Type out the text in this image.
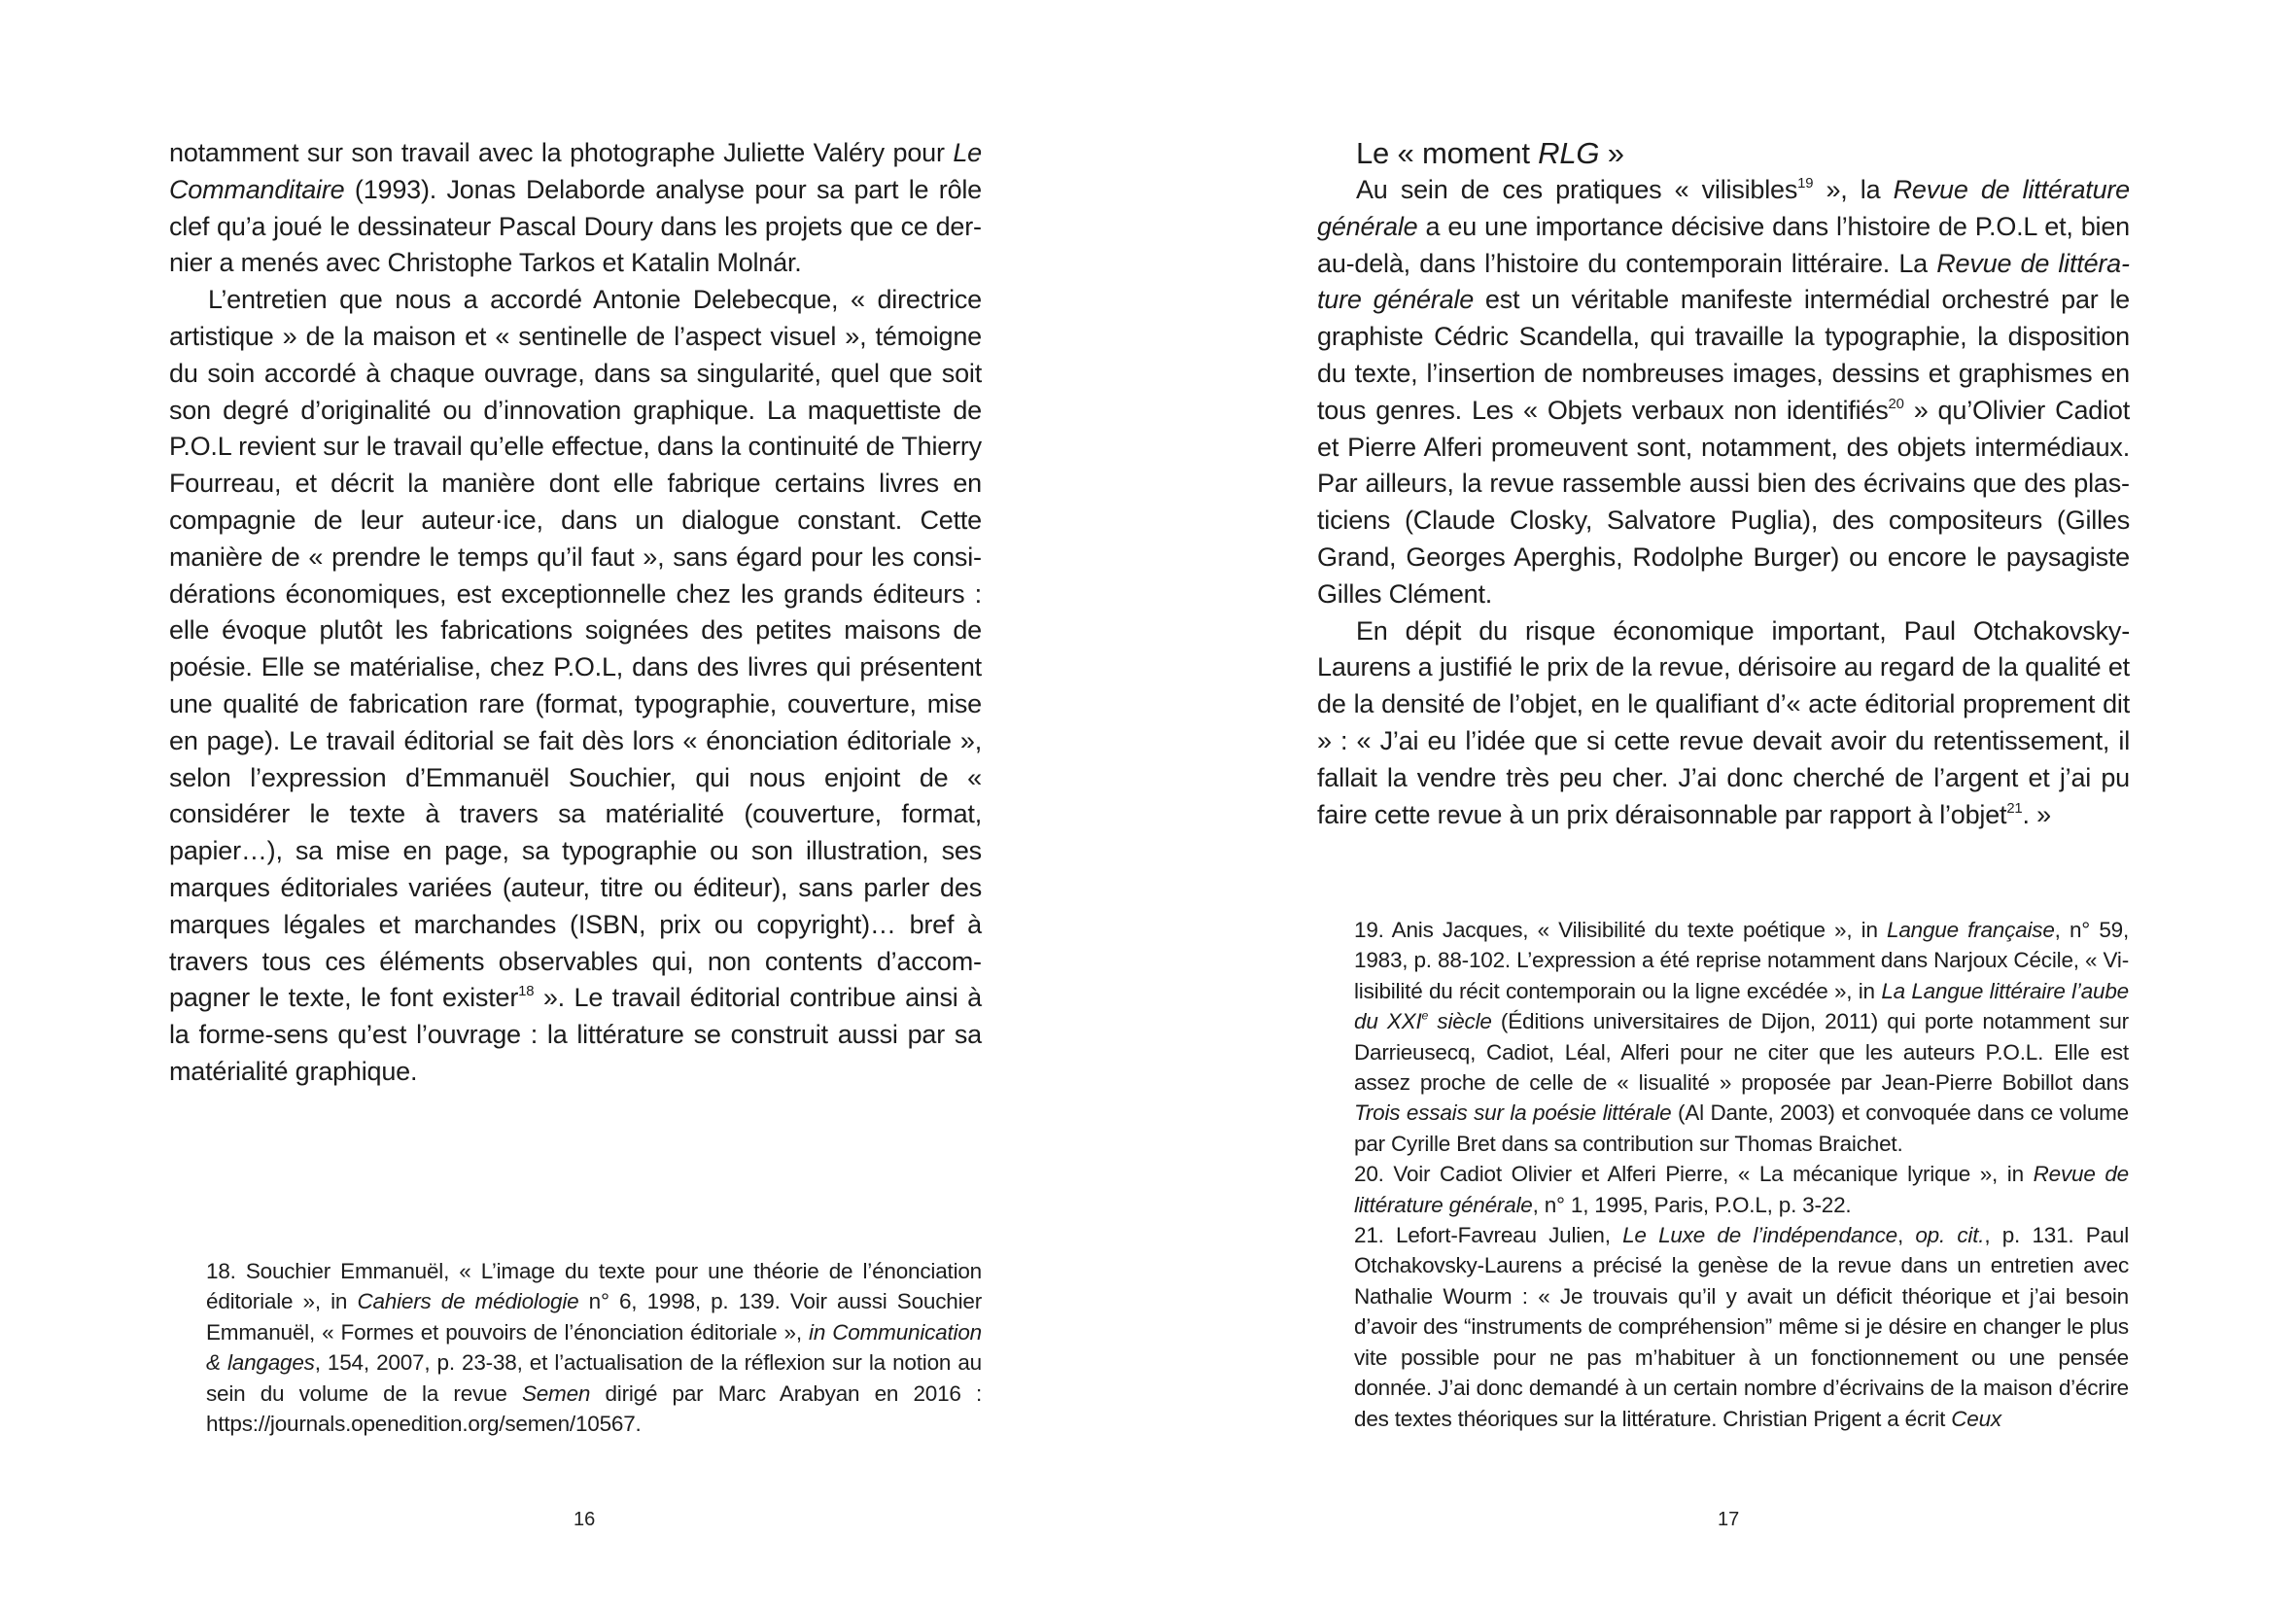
notamment sur son travail avec la photographe Juliette Valéry pour Le Commanditaire (1993). Jonas Delaborde analyse pour sa part le rôle clef qu’a joué le dessinateur Pascal Doury dans les projets que ce dernier a menés avec Christophe Tarkos et Katalin Molnár.

L’entretien que nous a accordé Antonie Delebecque, « directrice artistique » de la maison et « sentinelle de l’aspect visuel », témoigne du soin accordé à chaque ouvrage, dans sa singularité, quel que soit son degré d’originalité ou d’innovation graphique. La maquettiste de P.O.L revient sur le travail qu’elle effectue, dans la continuité de Thierry Fourreau, et décrit la manière dont elle fabrique certains livres en compagnie de leur auteur·ice, dans un dialogue constant. Cette manière de « prendre le temps qu’il faut », sans égard pour les considérations économiques, est exceptionnelle chez les grands éditeurs : elle évoque plutôt les fabrications soignées des petites maisons de poésie. Elle se matérialise, chez P.O.L, dans des livres qui présentent une qualité de fabrication rare (format, typographie, couverture, mise en page). Le travail éditorial se fait dès lors « énonciation éditoriale », selon l’expression d’Emmanuël Souchier, qui nous enjoint de « considérer le texte à travers sa matérialité (couverture, format, papier…), sa mise en page, sa typographie ou son illustration, ses marques éditoriales variées (auteur, titre ou éditeur), sans parler des marques légales et marchandes (ISBN, prix ou copyright)… bref à travers tous ces éléments observables qui, non contents d’accompagner le texte, le font exister$^{18}$ ». Le travail éditorial contribue ainsi à la forme-sens qu’est l’ouvrage : la littérature se construit aussi par sa matérialité graphique.

18. Souchier Emmanuël, « L’image du texte pour une théorie de l’énonciation éditoriale », in Cahiers de médiologie n° 6, 1998, p. 139. Voir aussi Souchier Emmanuël, « Formes et pouvoirs de l’énonciation éditoriale », in Communication & langages, 154, 2007, p. 23-38, et l’actualisation de la réflexion sur la notion au sein du volume de la revue Semen dirigé par Marc Arabyan en 2016 : https://journals.openedition.org/semen/10567.

16
Le « moment RLG »

Au sein de ces pratiques « vilisibles$^{19}$ », la Revue de littérature générale a eu une importance décisive dans l’histoire de P.O.L et, bien au-delà, dans l’histoire du contemporain littéraire. La Revue de littérature générale est un véritable manifeste intermédial orchestré par le graphiste Cédric Scandella, qui travaille la typographie, la disposition du texte, l’insertion de nombreuses images, dessins et graphismes en tous genres. Les « Objets verbaux non identifiés$^{20}$ » qu’Olivier Cadiot et Pierre Alferi promeuvent sont, notamment, des objets intermédiaux. Par ailleurs, la revue rassemble aussi bien des écrivains que des plasticiens (Claude Closky, Salvatore Puglia), des compositeurs (Gilles Grand, Georges Aperghis, Rodolphe Burger) ou encore le paysagiste Gilles Clément.

En dépit du risque économique important, Paul Otchakovsky-Laurens a justifié le prix de la revue, dérisoire au regard de la qualité et de la densité de l’objet, en le qualifiant d’« acte éditorial proprement dit » : « J’ai eu l’idée que si cette revue devait avoir du retentissement, il fallait la vendre très peu cher. J’ai donc cherché de l’argent et j’ai pu faire cette revue à un prix déraisonnable par rapport à l’objet$^{21}$. »

19. Anis Jacques, « Vilisibilité du texte poétique », in Langue française, n° 59, 1983, p. 88-102. L’expression a été reprise notamment dans Narjoux Cécile, « Vi-lisibilité du récit contemporain ou la ligne excédée », in La Langue littéraire l’aube du XXIe siècle (Éditions universitaires de Dijon, 2011) qui porte notamment sur Darrieusecq, Cadiot, Léal, Alferi pour ne citer que les auteurs P.O.L. Elle est assez proche de celle de « lisualité » proposée par Jean-Pierre Bobillot dans Trois essais sur la poésie littérale (Al Dante, 2003) et convoquée dans ce volume par Cyrille Bret dans sa contribution sur Thomas Braichet.

20. Voir Cadiot Olivier et Alferi Pierre, « La mécanique lyrique », in Revue de littérature générale, n° 1, 1995, Paris, P.O.L, p. 3-22.

21. Lefort-Favreau Julien, Le Luxe de l’indépendance, op. cit., p. 131. Paul Otchakovsky-Laurens a précisé la genèse de la revue dans un entretien avec Nathalie Wourm : « Je trouvais qu’il y avait un déficit théorique et j’ai besoin d’avoir des “instruments de compréhension” même si je désire en changer le plus vite possible pour ne pas m’habituer à un fonctionnement ou une pensée donnée. J’ai donc demandé à un certain nombre d’écrivains de la maison d’écrire des textes théoriques sur la littérature. Christian Prigent a écrit Ceux

17
